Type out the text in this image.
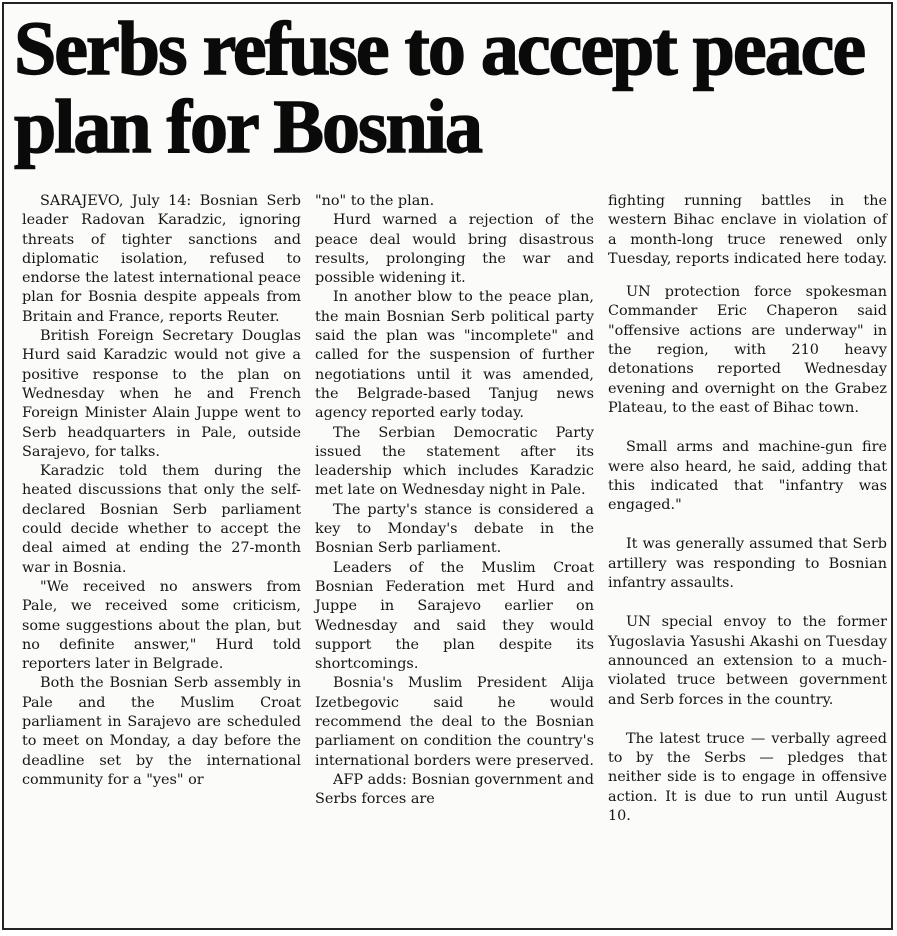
Serbs refuse to accept peace plan for Bosnia

SARAJEVO, July 14: Bosnian Serb leader Radovan Karadzic, ignoring threats of tighter sanctions and diplomatic isolation, refused to endorse the latest international peace plan for Bosnia despite appeals from Britain and France, reports Reuter.

British Foreign Secretary Douglas Hurd said Karadzic would not give a positive response to the plan on Wednesday when he and French Foreign Minister Alain Juppe went to Serb headquarters in Pale, outside Sarajevo, for talks.

Karadzic told them during the heated discussions that only the self-declared Bosnian Serb parliament could decide whether to accept the deal aimed at ending the 27-month war in Bosnia.

"We received no answers from Pale, we received some criticism, some suggestions about the plan, but no definite answer," Hurd told reporters later in Belgrade.

Both the Bosnian Serb assembly in Pale and the Muslim Croat parliament in Sarajevo are scheduled to meet on Monday, a day before the deadline set by the international community for a "yes" or

"no" to the plan.

Hurd warned a rejection of the peace deal would bring disastrous results, prolonging the war and possible widening it.

In another blow to the peace plan, the main Bosnian Serb political party said the plan was "incomplete" and called for the suspension of further negotiations until it was amended, the Belgrade-based Tanjug news agency reported early today.

The Serbian Democratic Party issued the statement after its leadership which includes Karadzic met late on Wednesday night in Pale.

The party's stance is considered a key to Monday's debate in the Bosnian Serb parliament.

Leaders of the Muslim Croat Bosnian Federation met Hurd and Juppe in Sarajevo earlier on Wednesday and said they would support the plan despite its shortcomings.

Bosnia's Muslim President Alija Izetbegovic said he would recommend the deal to the Bosnian parliament on condition the country's international borders were preserved.

AFP adds: Bosnian government and Serbs forces are

fighting running battles in the western Bihac enclave in violation of a month-long truce renewed only Tuesday, reports indicated here today.

UN protection force spokesman Commander Eric Chaperon said "offensive actions are underway" in the region, with 210 heavy detonations reported Wednesday evening and overnight on the Grabez Plateau, to the east of Bihac town.

Small arms and machine-gun fire were also heard, he said, adding that this indicated that "infantry was engaged."

It was generally assumed that Serb artillery was responding to Bosnian infantry assaults.

UN special envoy to the former Yugoslavia Yasushi Akashi on Tuesday announced an extension to a much-violated truce between government and Serb forces in the country.

The latest truce — verbally agreed to by the Serbs — pledges that neither side is to engage in offensive action. It is due to run until August 10.
